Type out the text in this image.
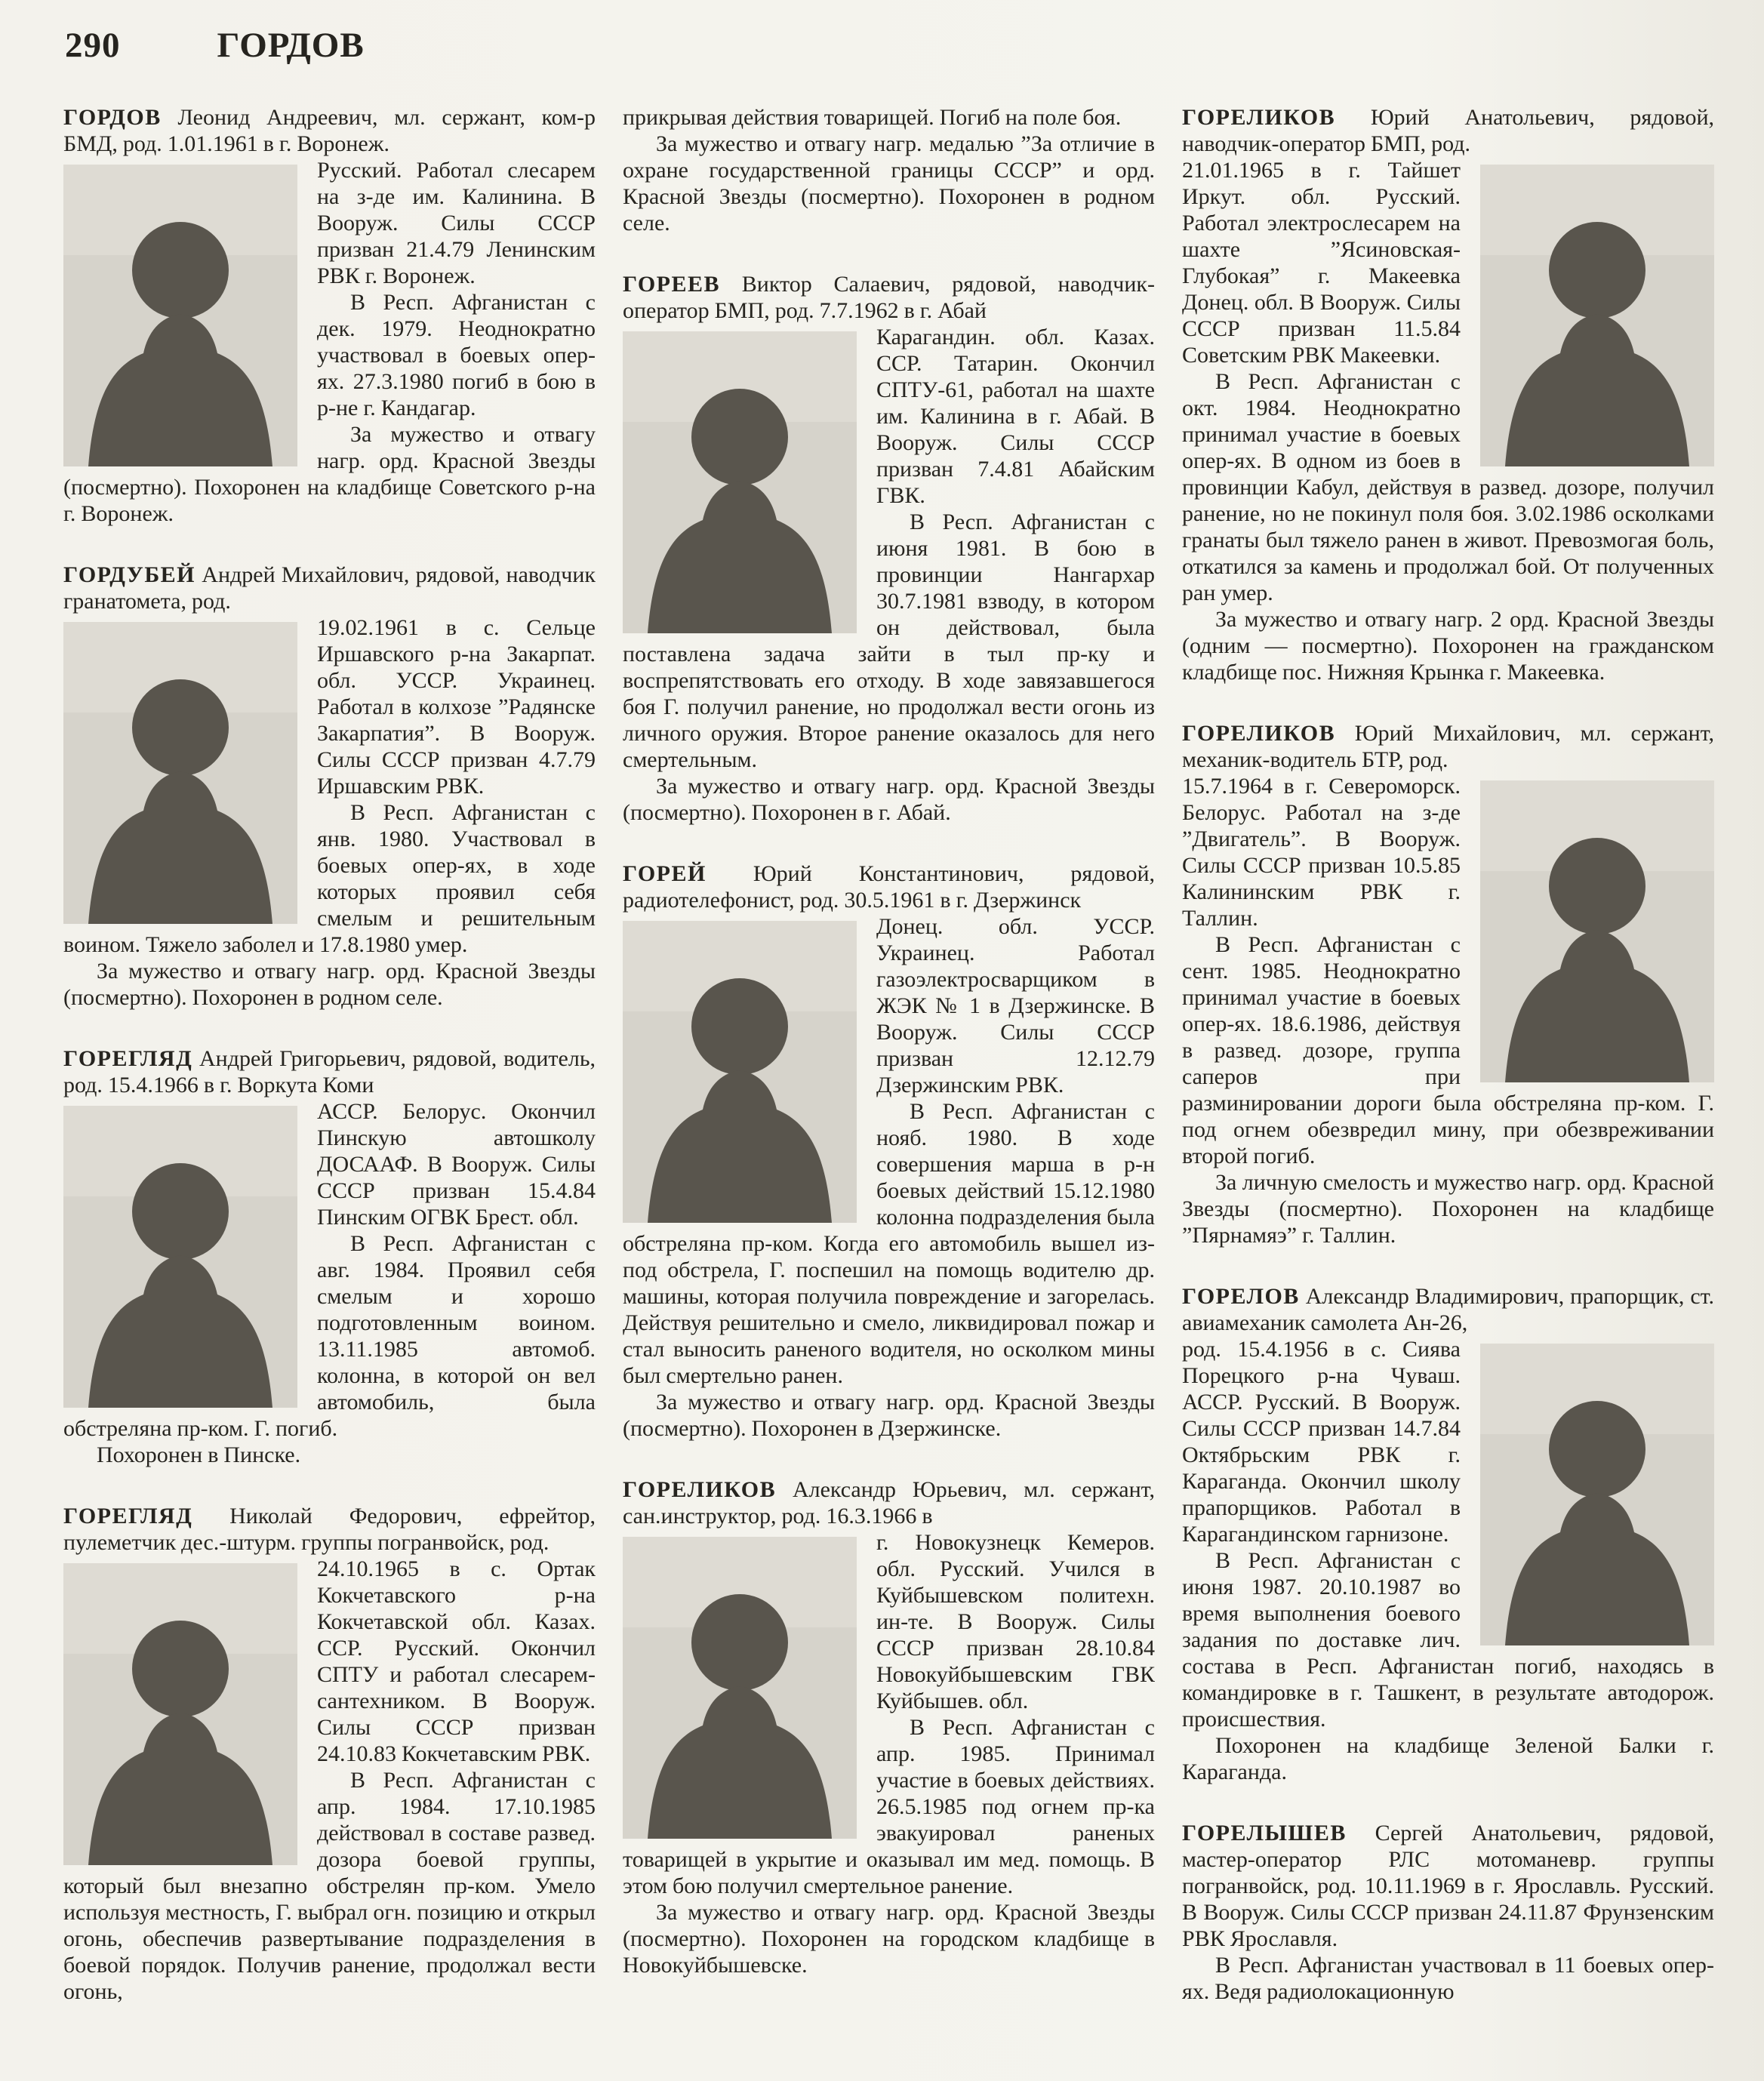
290	ГОРДОВ

ГОРДОВ Леонид Андреевич, мл. сержант, ком-р БМД, род. 1.01.1961 в г. Воронеж.

Русский. Работал слесарем на з-де им. Калинина. В Вооруж. Силы СССР призван 21.4.79 Ленинским РВК г. Воронеж.

В Респ. Афганистан с дек. 1979. Неоднократно участвовал в боевых опер-ях. 27.3.1980 погиб в бою в р-не г. Кандагар.

За мужество и отвагу нагр. орд. Красной Звезды (посмертно). Похоронен на кладбище Советского р-на г. Воронеж.

ГОРДУБЕЙ Андрей Михайлович, рядовой, наводчик гранатомета, род.

19.02.1961 в с. Сельце Иршавского р-на Закарпат. обл. УССР. Украинец. Работал в колхозе ”Радянске Закарпатия”. В Вооруж. Силы СССР призван 4.7.79 Иршавским РВК.

В Респ. Афганистан с янв. 1980. Участвовал в боевых опер-ях, в ходе которых проявил себя смелым и решительным воином. Тяжело заболел и 17.8.1980 умер.

За мужество и отвагу нагр. орд. Красной Звезды (посмертно). Похоронен в родном селе.

ГОРЕГЛЯД Андрей Григорьевич, рядовой, водитель, род. 15.4.1966 в г. Воркута Коми

АССР. Белорус. Окончил Пинскую автошколу ДОСААФ. В Вооруж. Силы СССР призван 15.4.84 Пинским ОГВК Брест. обл.

В Респ. Афганистан с авг. 1984. Проявил себя смелым и хорошо подготовленным воином. 13.11.1985 автомоб. колонна, в которой он вел автомобиль, была обстреляна пр-ком. Г. погиб.

Похоронен в Пинске.

ГОРЕГЛЯД Николай Федорович, ефрейтор, пулеметчик дес.-штурм. группы погранвойск, род.

24.10.1965 в с. Ортак Кокчетавского р-на Кокчетавской обл. Казах. ССР. Русский. Окончил СПТУ и работал слесарем-сантехником. В Вооруж. Силы СССР призван 24.10.83 Кокчетавским РВК.

В Респ. Афганистан с апр. 1984. 17.10.1985 действовал в составе развед. дозора боевой группы, который был внезапно обстрелян пр-ком. Умело используя местность, Г. выбрал огн. позицию и открыл огонь, обеспечив развертывание подразделения в боевой порядок. Получив ранение, продолжал вести огонь,

прикрывая действия товарищей. Погиб на поле боя.

За мужество и отвагу нагр. медалью ”За отличие в охране государственной границы СССР” и орд. Красной Звезды (посмертно). Похоронен в родном селе.

ГОРЕЕВ Виктор Салаевич, рядовой, наводчик-оператор БМП, род. 7.7.1962 в г. Абай

Карагандин. обл. Казах. ССР. Татарин. Окончил СПТУ-61, работал на шахте им. Калинина в г. Абай. В Вооруж. Силы СССР призван 7.4.81 Абайским ГВК.

В Респ. Афганистан с июня 1981. В бою в провинции Нангархар 30.7.1981 взводу, в котором он действовал, была поставлена задача зайти в тыл пр-ку и воспрепятствовать его отходу. В ходе завязавшегося боя Г. получил ранение, но продолжал вести огонь из личного оружия. Второе ранение оказалось для него смертельным.

За мужество и отвагу нагр. орд. Красной Звезды (посмертно). Похоронен в г. Абай.

ГОРЕЙ Юрий Константинович, рядовой, радиотелефонист, род. 30.5.1961 в г. Дзержинск

Донец. обл. УССР. Украинец. Работал газоэлектросварщиком в ЖЭК № 1 в Дзержинске. В Вооруж. Силы СССР призван 12.12.79 Дзержинским РВК.

В Респ. Афганистан с нояб. 1980. В ходе совершения марша в р-н боевых действий 15.12.1980 колонна подразделения была обстреляна пр-ком. Когда его автомобиль вышел из-под обстрела, Г. поспешил на помощь водителю др. машины, которая получила повреждение и загорелась. Действуя решительно и смело, ликвидировал пожар и стал выносить раненого водителя, но осколком мины был смертельно ранен.

За мужество и отвагу нагр. орд. Красной Звезды (посмертно). Похоронен в Дзержинске.

ГОРЕЛИКОВ Александр Юрьевич, мл. сержант, сан.инструктор, род. 16.3.1966 в

г. Новокузнецк Кемеров. обл. Русский. Учился в Куйбышевском политехн. ин-те. В Вооруж. Силы СССР призван 28.10.84 Новокуйбышевским ГВК Куйбышев. обл.

В Респ. Афганистан с апр. 1985. Принимал участие в боевых действиях. 26.5.1985 под огнем пр-ка эвакуировал раненых товарищей в укрытие и оказывал им мед. помощь. В этом бою получил смертельное ранение.

За мужество и отвагу нагр. орд. Красной Звезды (посмертно). Похоронен на городском кладбище в Новокуйбышевске.

ГОРЕЛИКОВ Юрий Анатольевич, рядовой, наводчик-оператор БМП, род.

21.01.1965 в г. Тайшет Иркут. обл. Русский. Работал электрослесарем на шахте ”Ясиновская-Глубокая” г. Макеевка Донец. обл. В Вооруж. Силы СССР призван 11.5.84 Советским РВК Макеевки.

В Респ. Афганистан с окт. 1984. Неоднократно принимал участие в боевых опер-ях. В одном из боев в провинции Кабул, действуя в развед. дозоре, получил ранение, но не покинул поля боя. 3.02.1986 осколками гранаты был тяжело ранен в живот. Превозмогая боль, откатился за камень и продолжал бой. От полученных ран умер.

За мужество и отвагу нагр. 2 орд. Красной Звезды (одним — посмертно). Похоронен на гражданском кладбище пос. Нижняя Крынка г. Макеевка.

ГОРЕЛИКОВ Юрий Михайлович, мл. сержант, механик-водитель БТР, род.

15.7.1964 в г. Североморск. Белорус. Работал на з-де ”Двигатель”. В Вооруж. Силы СССР призван 10.5.85 Калининским РВК г. Таллин.

В Респ. Афганистан с сент. 1985. Неоднократно принимал участие в боевых опер-ях. 18.6.1986, действуя в развед. дозоре, группа саперов при разминировании дороги была обстреляна пр-ком. Г. под огнем обезвредил мину, при обезвреживании второй погиб.

За личную смелость и мужество нагр. орд. Красной Звезды (посмертно). Похоронен на кладбище ”Пярнамяэ” г. Таллин.

ГОРЕЛОВ Александр Владимирович, прапорщик, ст. авиамеханик самолета Ан-26,

род. 15.4.1956 в с. Сиява Порецкого р-на Чуваш. АССР. Русский. В Вооруж. Силы СССР призван 14.7.84 Октябрьским РВК г. Караганда. Окончил школу прапорщиков. Работал в Карагандинском гарнизоне.

В Респ. Афганистан с июня 1987. 20.10.1987 во время выполнения боевого задания по доставке лич. состава в Респ. Афганистан погиб, находясь в командировке в г. Ташкент, в результате автодорож. происшествия.

Похоронен на кладбище Зеленой Балки г. Караганда.

ГОРЕЛЫШЕВ Сергей Анатольевич, рядовой, мастер-оператор РЛС мотоманевр. группы погранвойск, род. 10.11.1969 в г. Ярославль. Русский. В Вооруж. Силы СССР призван 24.11.87 Фрунзенским РВК Ярославля.

В Респ. Афганистан участвовал в 11 боевых опер-ях. Ведя радиолокационную
